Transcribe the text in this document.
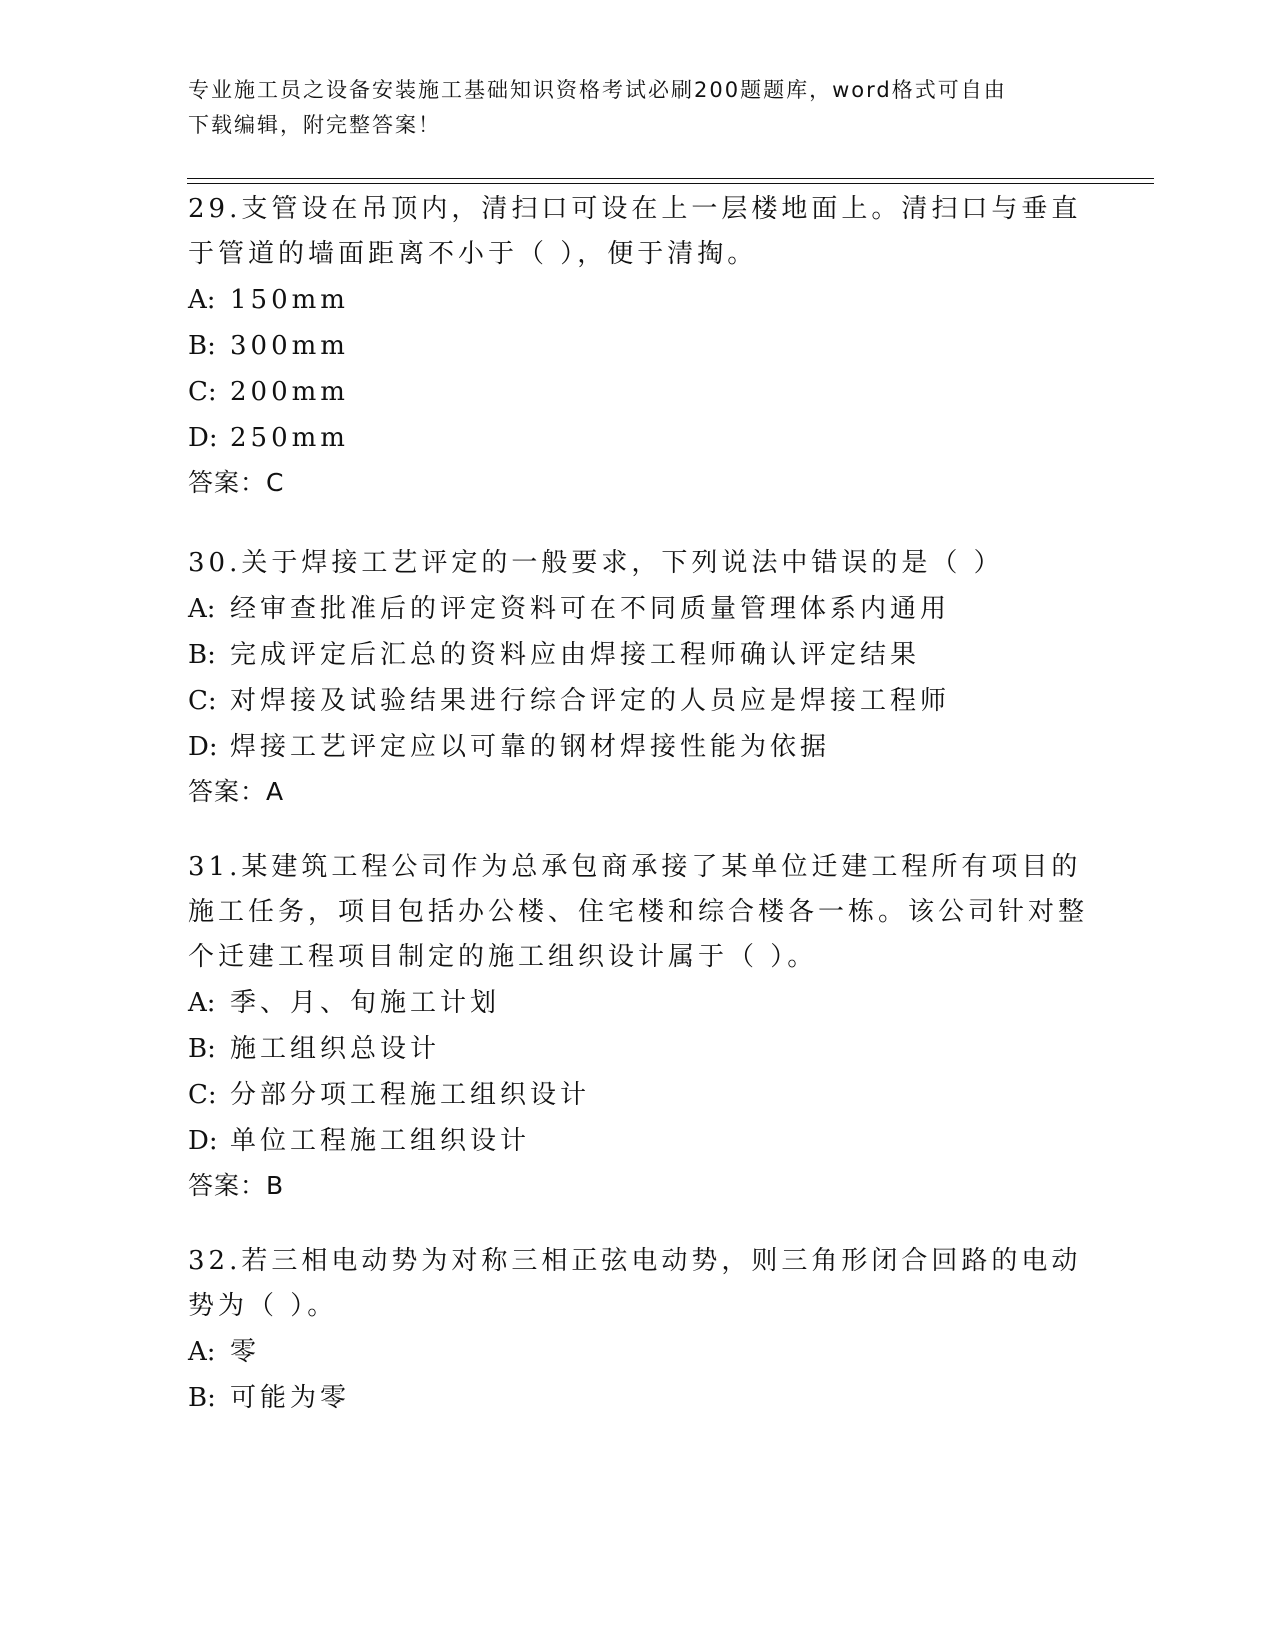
专业施工员之设备安装施工基础知识资格考试必刷200题题库，word格式可自由
下载编辑，附完整答案！
29.支管设在吊顶内，清扫口可设在上一层楼地面上。清扫口与垂直于管道的墙面距离不小于（ ），便于清掏。
A: 150mm
B: 300mm
C: 200mm
D: 250mm
答案：C
30.关于焊接工艺评定的一般要求，下列说法中错误的是（ ）
A: 经审查批准后的评定资料可在不同质量管理体系内通用
B: 完成评定后汇总的资料应由焊接工程师确认评定结果
C: 对焊接及试验结果进行综合评定的人员应是焊接工程师
D: 焊接工艺评定应以可靠的钢材焊接性能为依据
答案：A
31.某建筑工程公司作为总承包商承接了某单位迁建工程所有项目的施工任务，项目包括办公楼、住宅楼和综合楼各一栋。该公司针对整个迁建工程项目制定的施工组织设计属于（ ）。
A: 季、月、旬施工计划
B: 施工组织总设计
C: 分部分项工程施工组织设计
D: 单位工程施工组织设计
答案：B
32.若三相电动势为对称三相正弦电动势，则三角形闭合回路的电动势为（ ）。
A: 零
B: 可能为零
